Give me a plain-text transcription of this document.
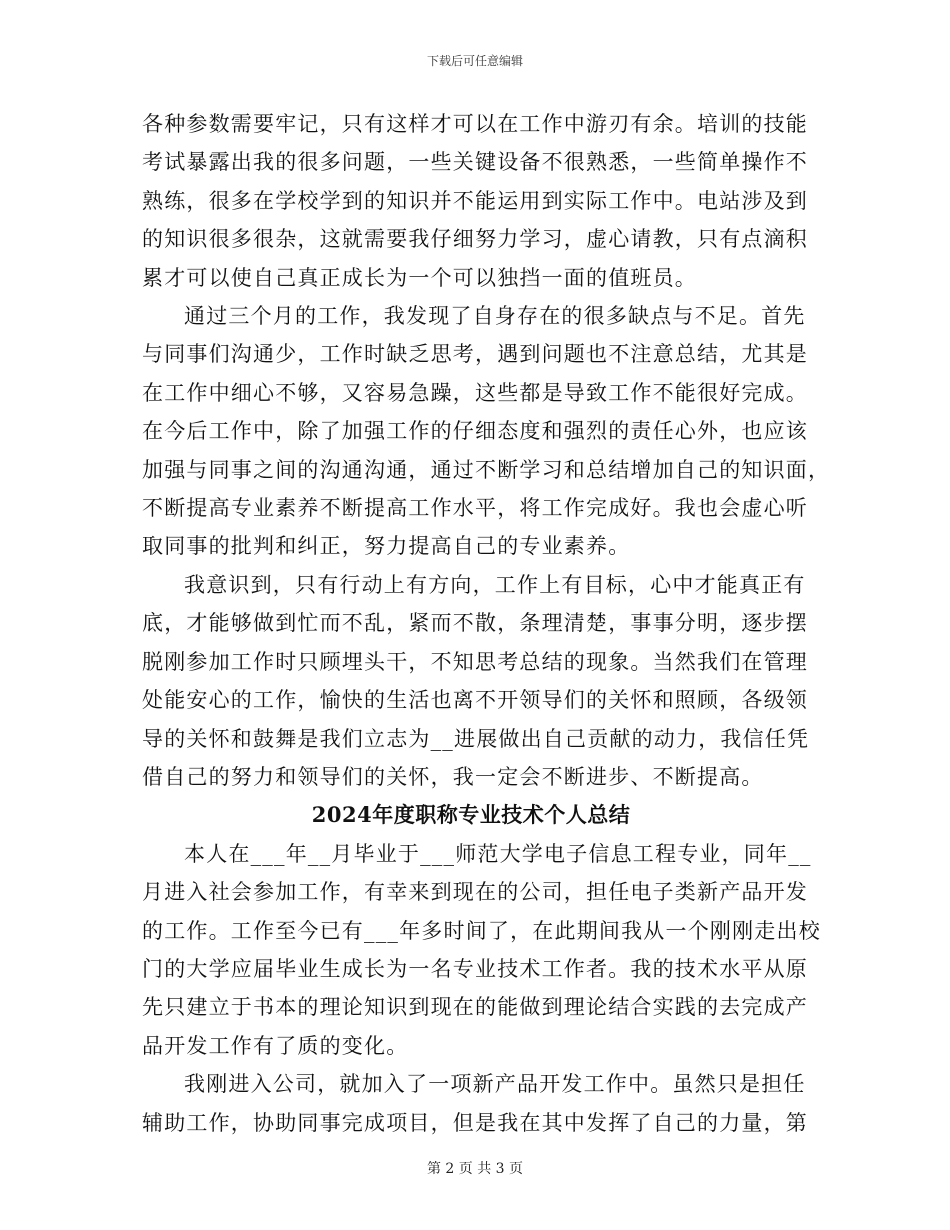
下载后可任意编辑

各种参数需要牢记，只有这样才可以在工作中游刃有余。培训的技能
考试暴露出我的很多问题，一些关键设备不很熟悉，一些简单操作不
熟练，很多在学校学到的知识并不能运用到实际工作中。电站涉及到
的知识很多很杂，这就需要我仔细努力学习，虚心请教，只有点滴积
累才可以使自己真正成长为一个可以独挡一面的值班员。

通过三个月的工作，我发现了自身存在的很多缺点与不足。首先
与同事们沟通少，工作时缺乏思考，遇到问题也不注意总结，尤其是
在工作中细心不够，又容易急躁，这些都是导致工作不能很好完成。
在今后工作中，除了加强工作的仔细态度和强烈的责任心外，也应该
加强与同事之间的沟通沟通，通过不断学习和总结增加自己的知识面，
不断提高专业素养不断提高工作水平，将工作完成好。我也会虚心听
取同事的批判和纠正，努力提高自己的专业素养。

我意识到，只有行动上有方向，工作上有目标，心中才能真正有
底，才能够做到忙而不乱，紧而不散，条理清楚，事事分明，逐步摆
脱刚参加工作时只顾埋头干，不知思考总结的现象。当然我们在管理
处能安心的工作，愉快的生活也离不开领导们的关怀和照顾，各级领
导的关怀和鼓舞是我们立志为__进展做出自己贡献的动力，我信任凭
借自己的努力和领导们的关怀，我一定会不断进步、不断提高。

2024年度职称专业技术个人总结

本人在___年__月毕业于___师范大学电子信息工程专业，同年__
月进入社会参加工作，有幸来到现在的公司，担任电子类新产品开发
的工作。工作至今已有___年多时间了，在此期间我从一个刚刚走出校
门的大学应届毕业生成长为一名专业技术工作者。我的技术水平从原
先只建立于书本的理论知识到现在的能做到理论结合实践的去完成产
品开发工作有了质的变化。

我刚进入公司，就加入了一项新产品开发工作中。虽然只是担任
辅助工作，协助同事完成项目，但是我在其中发挥了自己的力量，第

第 2 页 共 3 页
